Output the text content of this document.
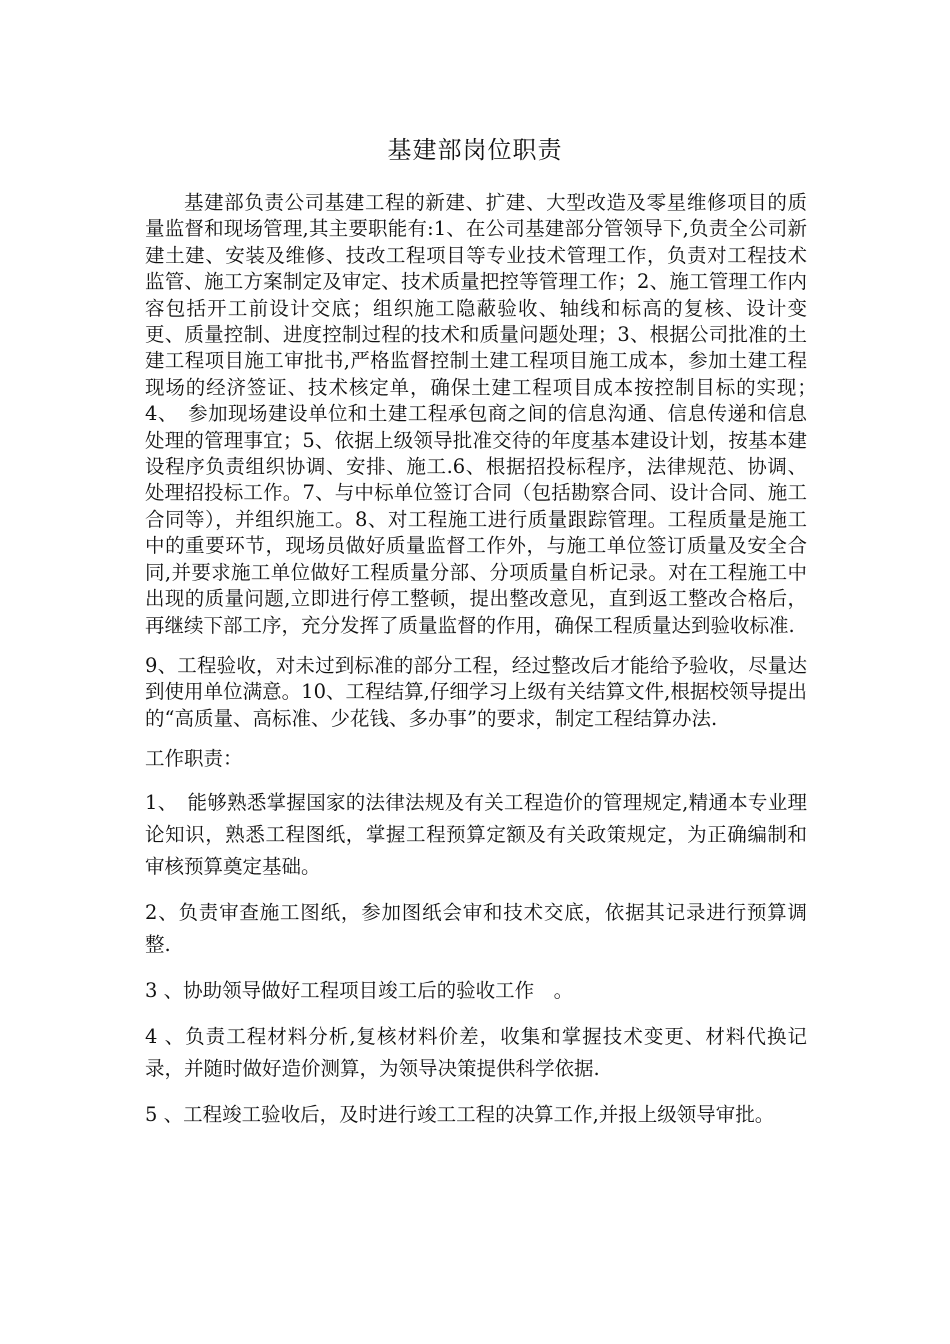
基建部岗位职责

基建部负责公司基建工程的新建、扩建、大型改造及零星维修项目的质量监督和现场管理,其主要职能有:1、在公司基建部分管领导下,负责全公司新建土建、安装及维修、技改工程项目等专业技术管理工作，负责对工程技术监管、施工方案制定及审定、技术质量把控等管理工作；2、施工管理工作内容包括开工前设计交底；组织施工隐蔽验收、轴线和标高的复核、设计变更、质量控制、进度控制过程的技术和质量问题处理；3、根据公司批准的土建工程项目施工审批书,严格监督控制土建工程项目施工成本，参加土建工程现场的经济签证、技术核定单，确保土建工程项目成本按控制目标的实现；　4、　参加现场建设单位和土建工程承包商之间的信息沟通、信息传递和信息处理的管理事宜；5、依据上级领导批准交待的年度基本建设计划，按基本建设程序负责组织协调、安排、施工.6、根据招投标程序，法律规范、协调、处理招投标工作。7、与中标单位签订合同（包括勘察合同、设计合同、施工合同等），并组织施工。8、对工程施工进行质量跟踪管理。工程质量是施工中的重要环节，现场员做好质量监督工作外，与施工单位签订质量及安全合同,并要求施工单位做好工程质量分部、分项质量自析记录。对在工程施工中出现的质量问题,立即进行停工整顿，提出整改意见，直到返工整改合格后，再继续下部工序，充分发挥了质量监督的作用，确保工程质量达到验收标准.

9、工程验收，对未过到标准的部分工程，经过整改后才能给予验收，尽量达到使用单位满意。10、工程结算,仔细学习上级有关结算文件,根据校领导提出的“高质量、高标准、少花钱、多办事”的要求，制定工程结算办法.

工作职责：

1、　能够熟悉掌握国家的法律法规及有关工程造价的管理规定,精通本专业理论知识，熟悉工程图纸，掌握工程预算定额及有关政策规定，为正确编制和审核预算奠定基础。

2、负责审查施工图纸，参加图纸会审和技术交底，依据其记录进行预算调整.

3 、协助领导做好工程项目竣工后的验收工作　。

4 、负责工程材料分析,复核材料价差，收集和掌握技术变更、材料代换记录，并随时做好造价测算，为领导决策提供科学依据.

5 、工程竣工验收后，及时进行竣工工程的决算工作,并报上级领导审批。
